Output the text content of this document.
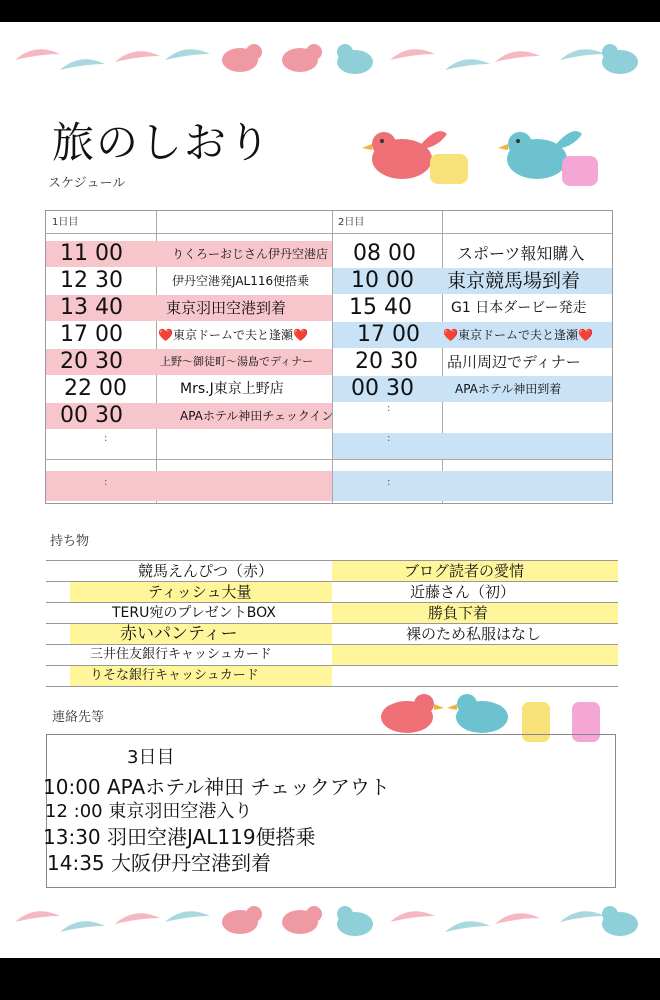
旅のしおり
スケジュール
1日目	2日目
11 00	りくろーおじさん伊丹空港店
12 30	伊丹空港発JAL116便搭乗
13 40	東京羽田空港到着
17 00	❤️東京ドームで夫と逢瀬❤️
20 30	上野〜御徒町〜湯島でディナー
22 00	Mrs.J東京上野店
00 30	APAホテル神田チェックイン
:
:
08 00	スポーツ報知購入
10 00 東京競馬場到着
15 40	G1 日本ダービー発走
17 00 ❤️東京ドームで夫と逢瀬❤️
20 30 品川周辺でディナー
00 30	APAホテル神田到着
:
:
:
持ち物
競馬えんぴつ（赤）	ブログ読者の愛情
ティッシュ大量	近藤さん（初）
TERU宛のプレゼントBOX	勝負下着
赤いパンティー	裸のため私服はなし
三井住友銀行キャッシュカード
りそな銀行キャッシュカード
連絡先等
3日目
10:00 APAホテル神田 チェックアウト
12 :00 東京羽田空港入り
13:30 羽田空港JAL119便搭乗
14:35 大阪伊丹空港到着
